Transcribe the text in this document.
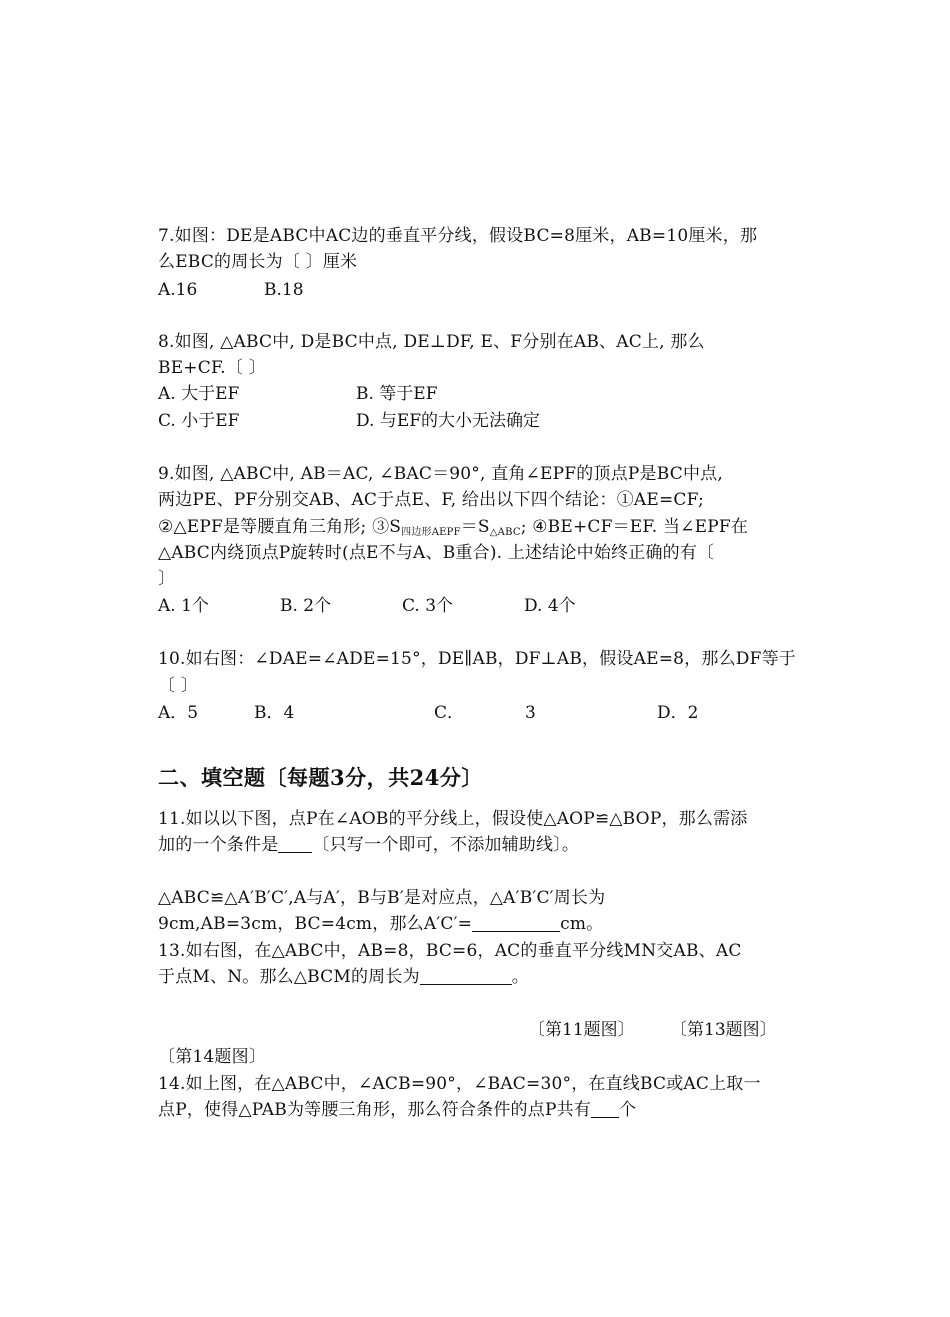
7.如图：DE是ABC中AC边的垂直平分线，假设BC=8厘米，AB=10厘米，那
么EBC的周长为〔 〕厘米
A.16	B.18
8.如图, △ABC中, D是BC中点, DE⊥DF, E、F分别在AB、AC上, 那么
BE+CF.〔 〕
A. 大于EF	B. 等于EF
C. 小于EF	D. 与EF的大小无法确定
9.如图, △ABC中, AB＝AC, ∠BAC＝90°, 直角∠EPF的顶点P是BC中点,
两边PE、PF分别交AB、AC于点E、F, 给出以下四个结论：①AE=CF;
②△EPF是等腰直角三角形; $③S_{四边形AEPF}=S_{\triangle ABC}$; ④BE+CF＝EF. 当∠EPF在
△ABC内绕顶点P旋转时(点E不与A、B重合). 上述结论中始终正确的有〔
〕
A. 1个	B. 2个	C. 3个	D. 4个
10.如右图：∠DAE=∠ADE=15°，DE∥AB，DF⊥AB，假设AE=8，那么DF等于
〔 〕
A．5	B．4	C．	3	D．2
二、填空题〔每题3分，共24分〕
11.如以以下图，点P在∠AOB的平分线上，假设使△AOP≌△BOP，那么需添
加的一个条件是 〔只写一个即可，不添加辅助线〕。
△ABC≌△A′B′C′,A与A′，B与B′是对应点，△A′B′C′周长为
9cm,AB=3cm，BC=4cm，那么A′C′=	cm。
13.如右图，在△ABC中，AB=8，BC=6，AC的垂直平分线MN交AB、AC
于点M、N。那么△BCM的周长为	。
〔第11题图〕 〔第13题图〕
〔第14题图〕
14.如上图，在△ABC中，∠ACB=90°，∠BAC=30°，在直线BC或AC上取一
点P，使得△PAB为等腰三角形，那么符合条件的点P共有 个
